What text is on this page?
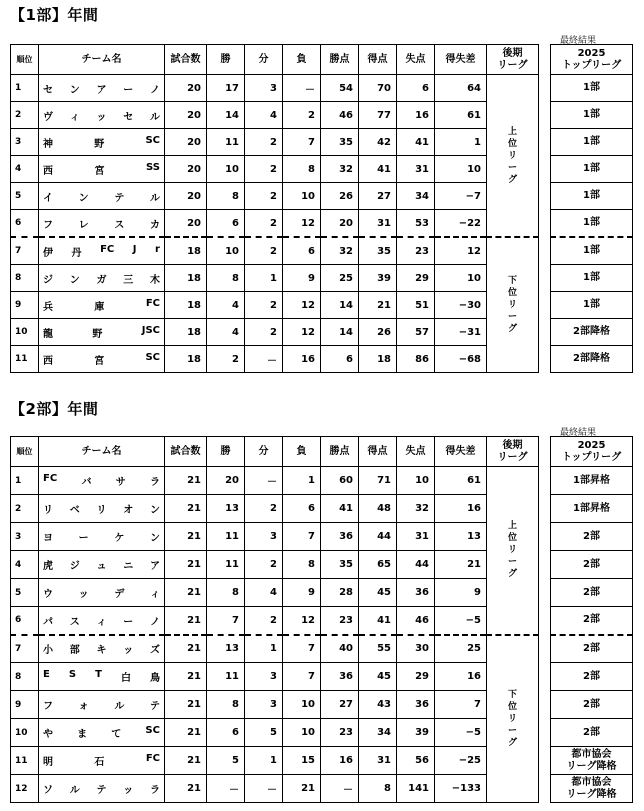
【1部】年間
最終結果
順位	チーム名	試合数	勝	分	負	勝点	得点	失点	得失差	後期
リーグ		2025
トップリーグ
1	セ ン ア ー ノ	20	17	3	－	54	70	6	64	上位リーグ		1部
2	ヴ ィ ッ セ ル	20	14	4	2	46	77	16	61			1部
3	神 野 SC	20	11	2	7	35	42	41	1			1部
4	西 宮 SS	20	10	2	8	32	41	31	10			1部
5	イ ン テ ル	20	8	2	10	26	27	34	−7			1部
6	フ レ ス カ	20	6	2	12	20	31	53	−22			1部
7	伊 丹 FC J r	18	10	2	6	32	35	23	12	下位リーグ		1部
8	ジ ン ガ 三 木	18	8	1	9	25	39	29	10			1部
9	兵 庫 FC	18	4	2	12	14	21	51	−30			1部
10	龍 野 JSC	18	4	2	12	14	26	57	−31			2部降格
11	西 宮 SC	18	2	－	16	6	18	86	−68			2部降格
【2部】年間
最終結果
順位	チーム名	試合数	勝	分	負	勝点	得点	失点	得失差	後期
リーグ		2025
トップリーグ
1	FC バ サ ラ	21	20	－	1	60	71	10	61	上位リーグ		1部昇格
2	リ ベ リ オ ン	21	13	2	6	41	48	32	16			1部昇格
3	ヨ ー ケ ン	21	11	3	7	36	44	31	13			2部
4	虎 ジ ュ ニ ア	21	11	2	8	35	65	44	21			2部
5	ウ ッ デ ィ	21	8	4	9	28	45	36	9			2部
6	パ ス ィ ー ノ	21	7	2	12	23	41	46	−5			2部
7	小 部 キ ッ ズ	21	13	1	7	40	55	30	25	下位リーグ		2部
8	E S T 白 鳥	21	11	3	7	36	45	29	16			2部
9	フ ォ ル テ	21	8	3	10	27	43	36	7			2部
10	や ま て SC	21	6	5	10	23	34	39	−5			2部
11	明 石 FC	21	5	1	15	16	31	56	−25			都市協会
リーグ降格
12	ソ ル テ ッ ラ	21	－	－	21	－	8	141	−133			都市協会
リーグ降格
